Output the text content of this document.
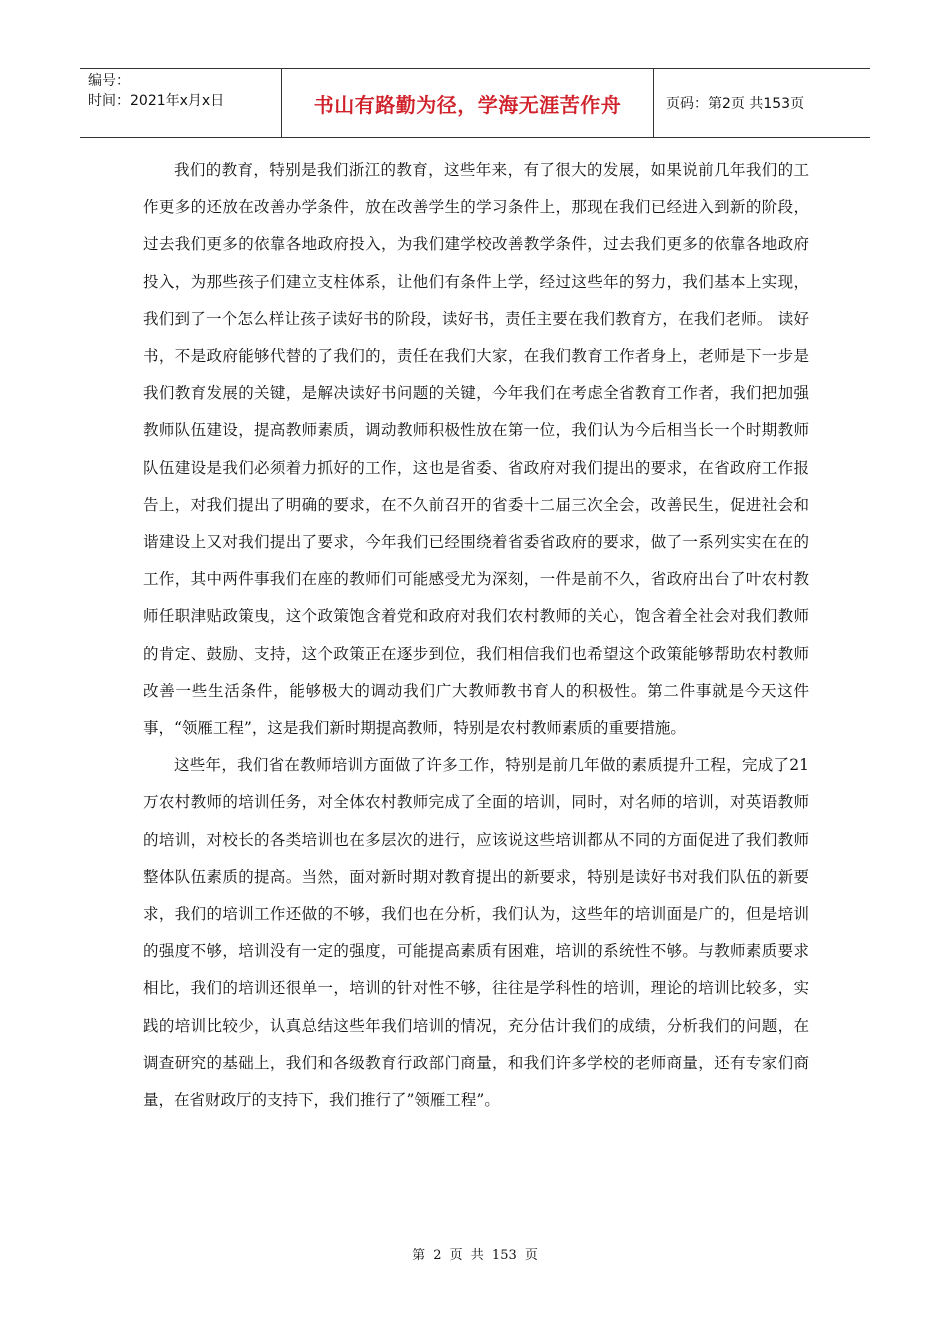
编号：
时间：2021年x月x日	书山有路勤为径，学海无涯苦作舟	页码：第2页 共153页

我们的教育，特别是我们浙江的教育，这些年来，有了很大的发展，如果说前几年我们的工作更多的还放在改善办学条件，放在改善学生的学习条件上，那现在我们已经进入到新的阶段，过去我们更多的依靠各地政府投入，为我们建学校改善教学条件，过去我们更多的依靠各地政府投入，为那些孩子们建立支柱体系，让他们有条件上学，经过这些年的努力，我们基本上实现，我们到了一个怎么样让孩子读好书的阶段，读好书，责任主要在我们教育方，在我们老师。 读好书，不是政府能够代替的了我们的，责任在我们大家，在我们教育工作者身上，老师是下一步是我们教育发展的关键，是解决读好书问题的关键，今年我们在考虑全省教育工作者，我们把加强教师队伍建设，提高教师素质，调动教师积极性放在第一位，我们认为今后相当长一个时期教师队伍建设是我们必须着力抓好的工作，这也是省委、省政府对我们提出的要求，在省政府工作报告上，对我们提出了明确的要求，在不久前召开的省委十二届三次全会，改善民生，促进社会和谐建设上又对我们提出了要求，今年我们已经围绕着省委省政府的要求，做了一系列实实在在的工作，其中两件事我们在座的教师们可能感受尤为深刻，一件是前不久，省政府出台了叶农村教师任职津贴政策曳，这个政策饱含着党和政府对我们农村教师的关心，饱含着全社会对我们教师的肯定、鼓励、支持，这个政策正在逐步到位，我们相信我们也希望这个政策能够帮助农村教师改善一些生活条件，能够极大的调动我们广大教师教书育人的积极性。第二件事就是今天这件事，“领雁工程”，这是我们新时期提高教师，特别是农村教师素质的重要措施。

这些年，我们省在教师培训方面做了许多工作，特别是前几年做的素质提升工程，完成了21 万农村教师的培训任务，对全体农村教师完成了全面的培训，同时，对名师的培训，对英语教师的培训，对校长的各类培训也在多层次的进行，应该说这些培训都从不同的方面促进了我们教师整体队伍素质的提高。当然，面对新时期对教育提出的新要求，特别是读好书对我们队伍的新要求，我们的培训工作还做的不够，我们也在分析，我们认为，这些年的培训面是广的，但是培训的强度不够，培训没有一定的强度，可能提高素质有困难，培训的系统性不够。与教师素质要求相比，我们的培训还很单一，培训的针对性不够，往往是学科性的培训，理论的培训比较多，实践的培训比较少，认真总结这些年我们培训的情况，充分估计我们的成绩，分析我们的问题，在调查研究的基础上，我们和各级教育行政部门商量，和我们许多学校的老师商量，还有专家们商量，在省财政厅的支持下，我们推行了”领雁工程”。

第 2 页 共 153 页
